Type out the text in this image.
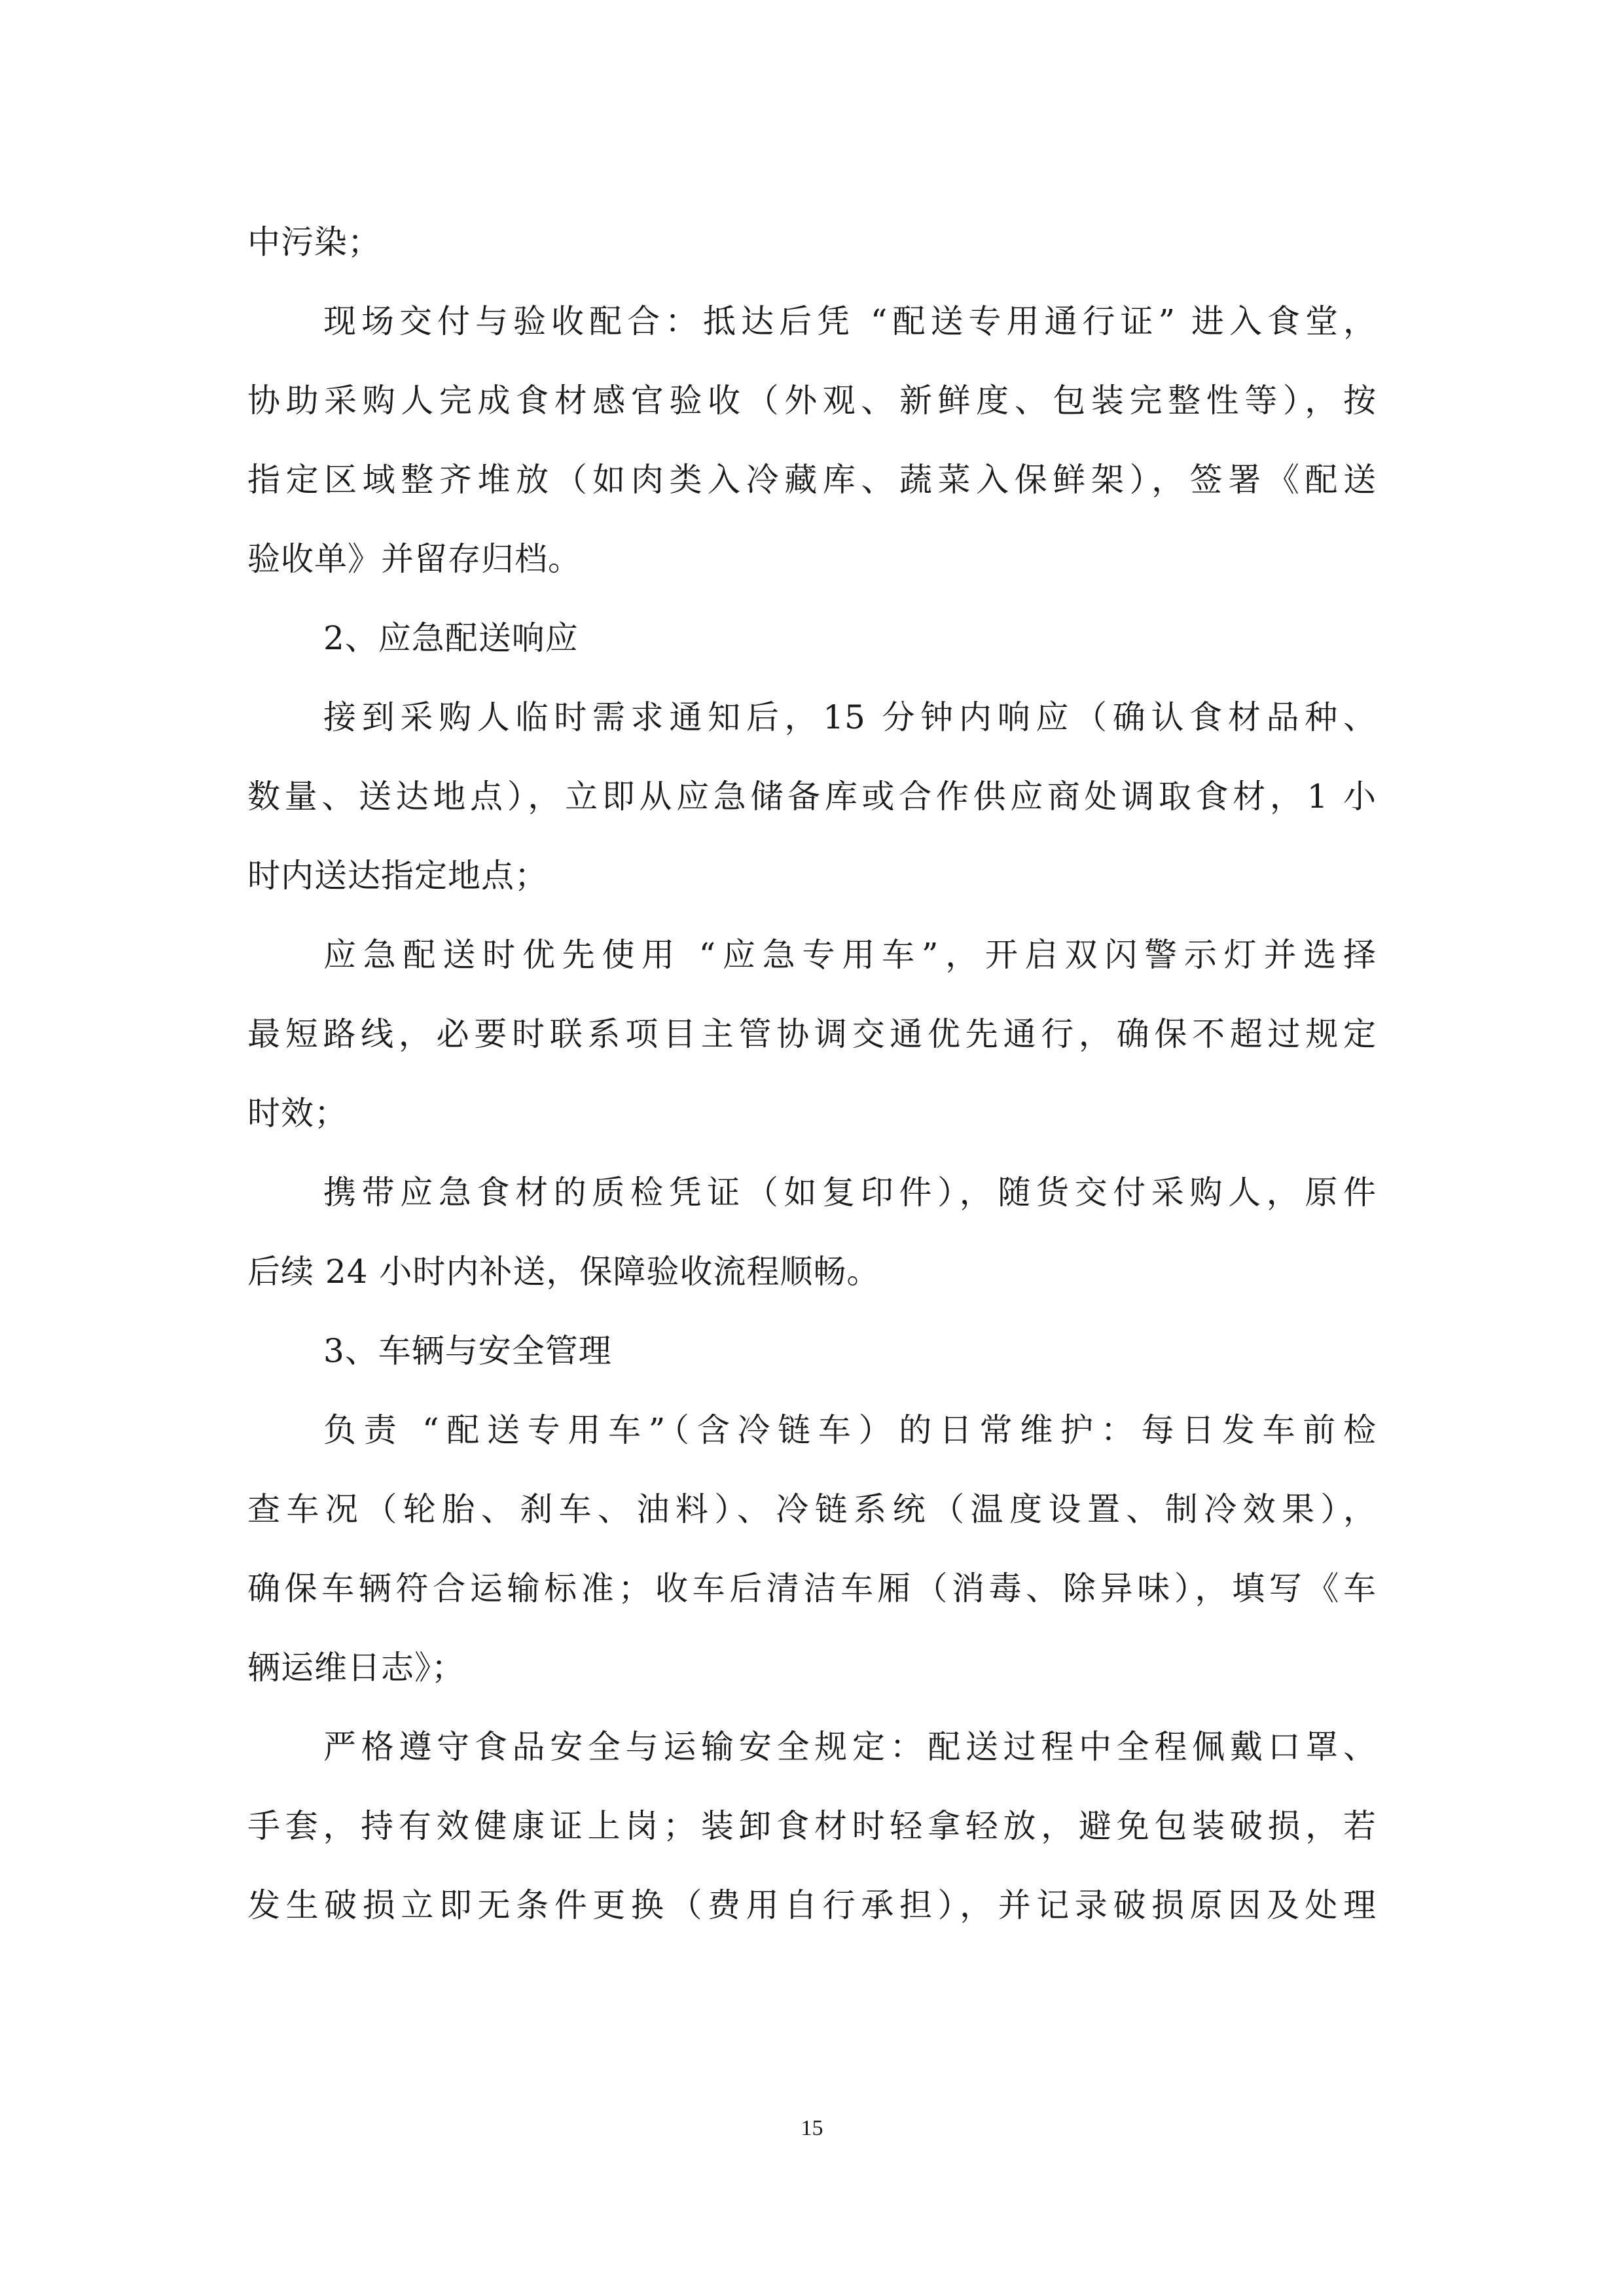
中污染；
现场交付与验收配合：抵达后凭 “配送专用通行证” 进入食堂，
协助采购人完成食材感官验收（外观、新鲜度、包装完整性等），按
指定区域整齐堆放（如肉类入冷藏库、蔬菜入保鲜架），签署《配送
验收单》并留存归档。
2、应急配送响应
接到采购人临时需求通知后，15 分钟内响应（确认食材品种、
数量、送达地点），立即从应急储备库或合作供应商处调取食材，1 小
时内送达指定地点；
应急配送时优先使用 “应急专用车”，开启双闪警示灯并选择
最短路线，必要时联系项目主管协调交通优先通行，确保不超过规定
时效；
携带应急食材的质检凭证（如复印件），随货交付采购人，原件
后续 24 小时内补送，保障验收流程顺畅。
3、车辆与安全管理
负责 “配送专用车”（含冷链车）的日常维护：每日发车前检
查车况（轮胎、刹车、油料）、冷链系统（温度设置、制冷效果），
确保车辆符合运输标准；收车后清洁车厢（消毒、除异味），填写《车
辆运维日志》；
严格遵守食品安全与运输安全规定：配送过程中全程佩戴口罩、
手套，持有效健康证上岗；装卸食材时轻拿轻放，避免包装破损，若
发生破损立即无条件更换（费用自行承担），并记录破损原因及处理
15
